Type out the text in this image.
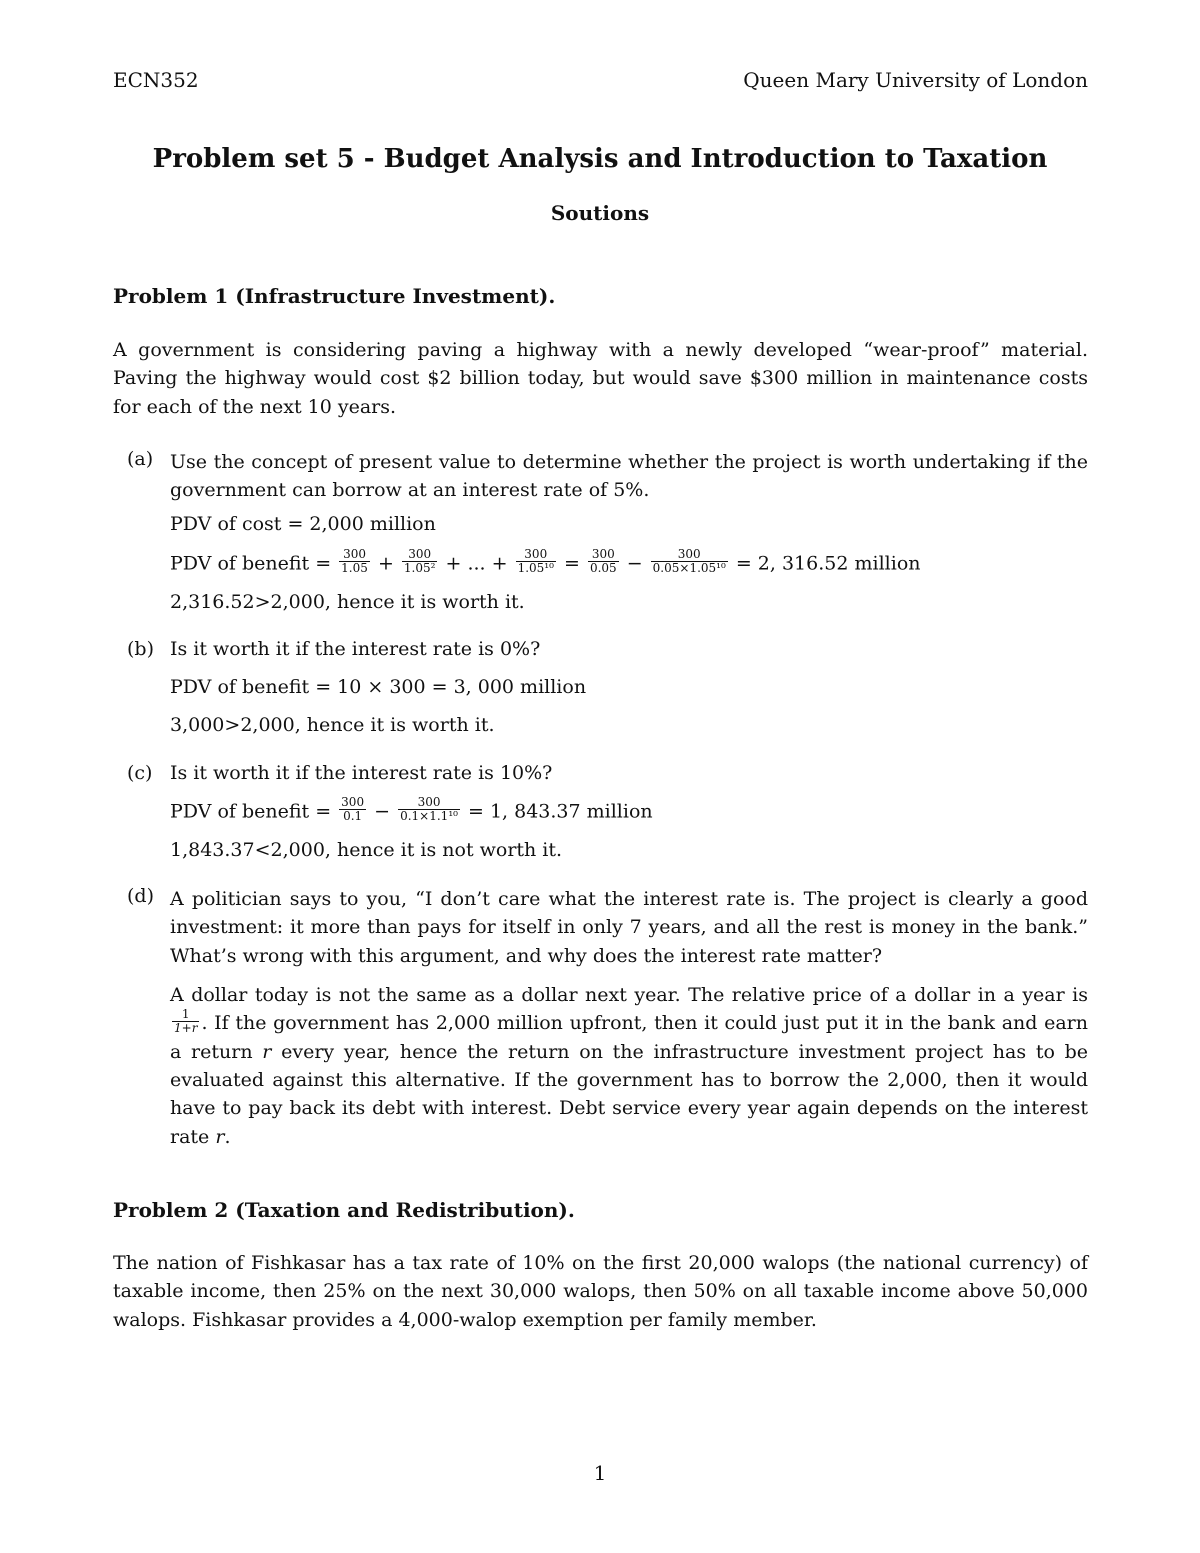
ECN352	Queen Mary University of London
Problem set 5 - Budget Analysis and Introduction to Taxation
Soutions
Problem 1 (Infrastructure Investment).
A government is considering paving a highway with a newly developed “wear-proof” material. Paving the highway would cost $2 billion today, but would save $300 million in maintenance costs for each of the next 10 years.
(a) Use the concept of present value to determine whether the project is worth undertaking if the government can borrow at an interest rate of 5%.
PDV of cost = 2,000 million
PDV of benefit = $\frac{300}{1.05} + \frac{300}{\text{1.05²}}$ + ... + $\frac{300}{\text{1.05¹⁰}} = \frac{300}{0.05} - \frac{300}{\text{0.05×1.05¹⁰}} = 2$, 316.52 million
2,316.52>2,000, hence it is worth it.
(b) Is it worth it if the interest rate is 0%?
PDV of benefit = 10 × 300 = 3, 000 million
3,000>2,000, hence it is worth it.
(c) Is it worth it if the interest rate is 10%?
PDV of benefit = $\frac{300}{0.1} - \frac{300}{\text{0.1×1.1¹⁰}} = 1$, 843.37 million
1,843.37<2,000, hence it is not worth it.
(d) A politician says to you, “I don’t care what the interest rate is. The project is clearly a good investment: it more than pays for itself in only 7 years, and all the rest is money in the bank.” What’s wrong with this argument, and why does the interest rate matter?
A dollar today is not the same as a dollar next year. The relative price of a dollar in a year is
$\frac{1}{1+r}$ . If the government has 2,000 million upfront, then it could just put it in the bank and earn a return r every year, hence the return on the infrastructure investment project has to be evaluated against this alternative. If the government has to borrow the 2,000, then it would have to pay back its debt with interest. Debt service every year again depends on the interest rate r.
Problem 2 (Taxation and Redistribution).
The nation of Fishkasar has a tax rate of 10% on the first 20,000 walops (the national currency) of taxable income, then 25% on the next 30,000 walops, then 50% on all taxable income above 50,000 walops. Fishkasar provides a 4,000-walop exemption per family member.
1
